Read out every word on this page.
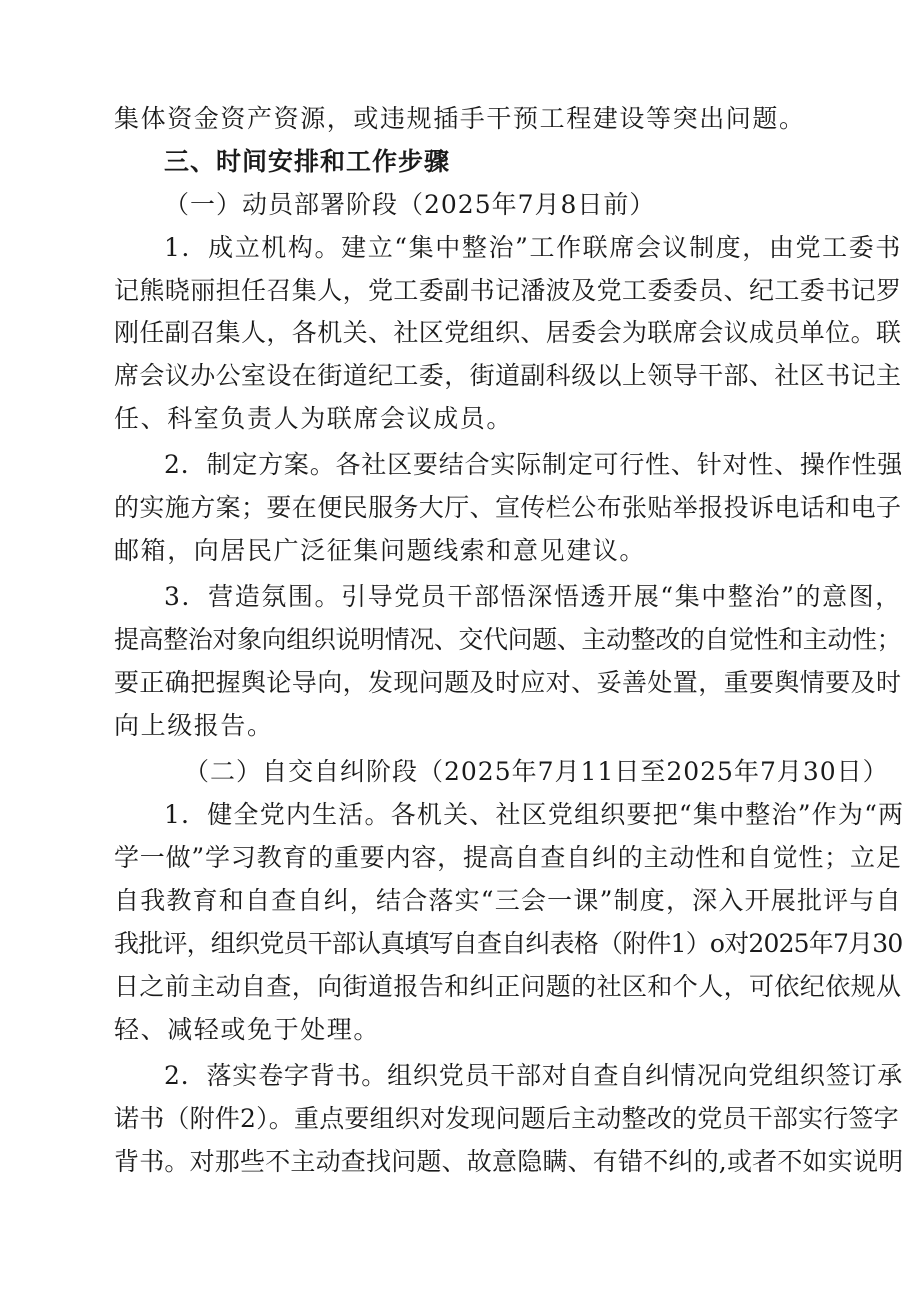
集体资金资产资源，或违规插手干预工程建设等突出问题。
三、时间安排和工作步骤
（一）动员部署阶段（2025年7月8日前）
1．成立机构。建立“集中整治”工作联席会议制度，由党工委书
记熊晓丽担任召集人，党工委副书记潘波及党工委委员、纪工委书记罗
刚任副召集人，各机关、社区党组织、居委会为联席会议成员单位。联
席会议办公室设在街道纪工委，街道副科级以上领导干部、社区书记主
任、科室负责人为联席会议成员。
2．制定方案。各社区要结合实际制定可行性、针对性、操作性强
的实施方案；要在便民服务大厅、宣传栏公布张贴举报投诉电话和电子
邮箱，向居民广泛征集问题线索和意见建议。
3．营造氛围。引导党员干部悟深悟透开展“集中整治”的意图，
提高整治对象向组织说明情况、交代问题、主动整改的自觉性和主动性；
要正确把握舆论导向，发现问题及时应对、妥善处置，重要舆情要及时
向上级报告。
（二）自交自纠阶段（2025年7月11日至2025年7月30日）
1．健全党内生活。各机关、社区党组织要把“集中整治”作为“两
学一做”学习教育的重要内容，提高自查自纠的主动性和自觉性；立足
自我教育和自查自纠，结合落实“三会一课”制度，深入开展批评与自
我批评，组织党员干部认真填写自查自纠表格（附件1）o对2025年7月30
日之前主动自查，向街道报告和纠正问题的社区和个人，可依纪依规从
轻、减轻或免于处理。
2．落实卷字背书。组织党员干部对自查自纠情况向党组织签订承
诺书（附件2）。重点要组织对发现问题后主动整改的党员干部实行签字
背书。对那些不主动查找问题、故意隐瞒、有错不纠的,或者不如实说明
